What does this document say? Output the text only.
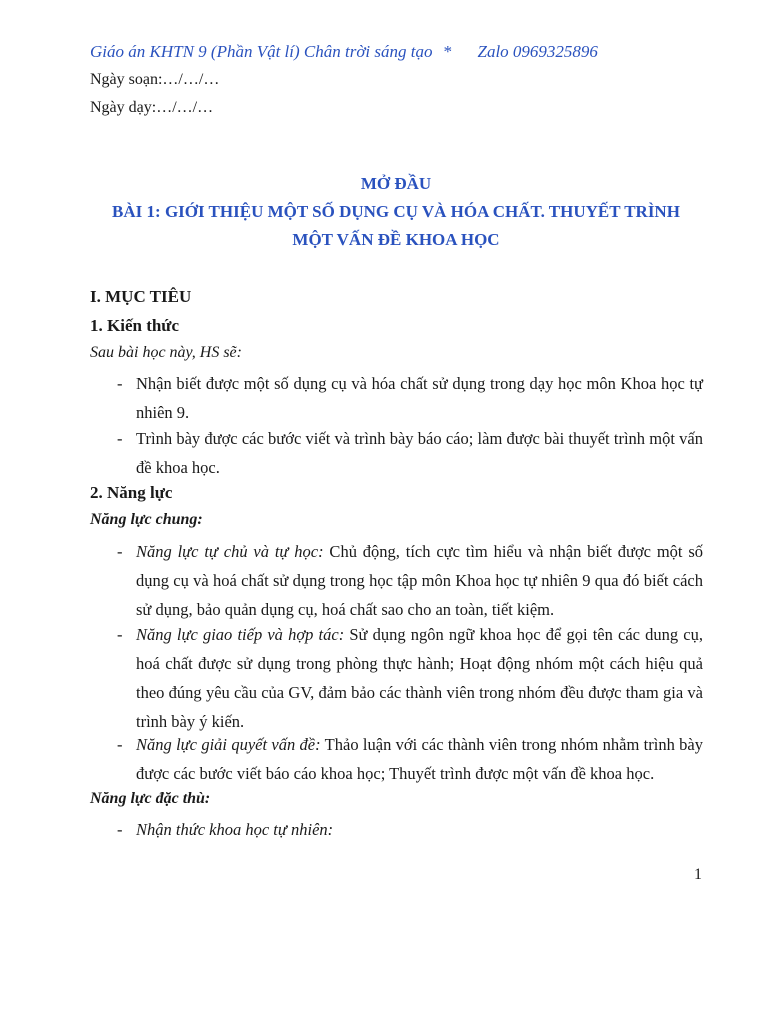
Giáo án KHTN 9 (Phần Vật lí) Chân trời sáng tạo * Zalo 0969325896
Ngày soạn:…/…/…
Ngày dạy:…/…/…
MỞ ĐẦU
BÀI 1: GIỚI THIỆU MỘT SỐ DỤNG CỤ VÀ HÓA CHẤT. THUYẾT TRÌNH
MỘT VẤN ĐỀ KHOA HỌC
I. MỤC TIÊU
1. Kiến thức
Sau bài học này, HS sẽ:
- Nhận biết được một số dụng cụ và hóa chất sử dụng trong dạy học môn Khoa học tự nhiên 9.
- Trình bày được các bước viết và trình bày báo cáo; làm được bài thuyết trình một vấn đề khoa học.
2. Năng lực
Năng lực chung:
- Năng lực tự chủ và tự học: Chủ động, tích cực tìm hiểu và nhận biết được một số dụng cụ và hoá chất sử dụng trong học tập môn Khoa học tự nhiên 9 qua đó biết cách sử dụng, bảo quản dụng cụ, hoá chất sao cho an toàn, tiết kiệm.
- Năng lực giao tiếp và hợp tác: Sử dụng ngôn ngữ khoa học để gọi tên các dung cụ, hoá chất được sử dụng trong phòng thực hành; Hoạt động nhóm một cách hiệu quả theo đúng yêu cầu của GV, đảm bảo các thành viên trong nhóm đều được tham gia và trình bày ý kiến.
- Năng lực giải quyết vấn đề: Thảo luận với các thành viên trong nhóm nhằm trình bày được các bước viết báo cáo khoa học; Thuyết trình được một vấn đề khoa học.
Năng lực đặc thù:
- Nhận thức khoa học tự nhiên:
1
